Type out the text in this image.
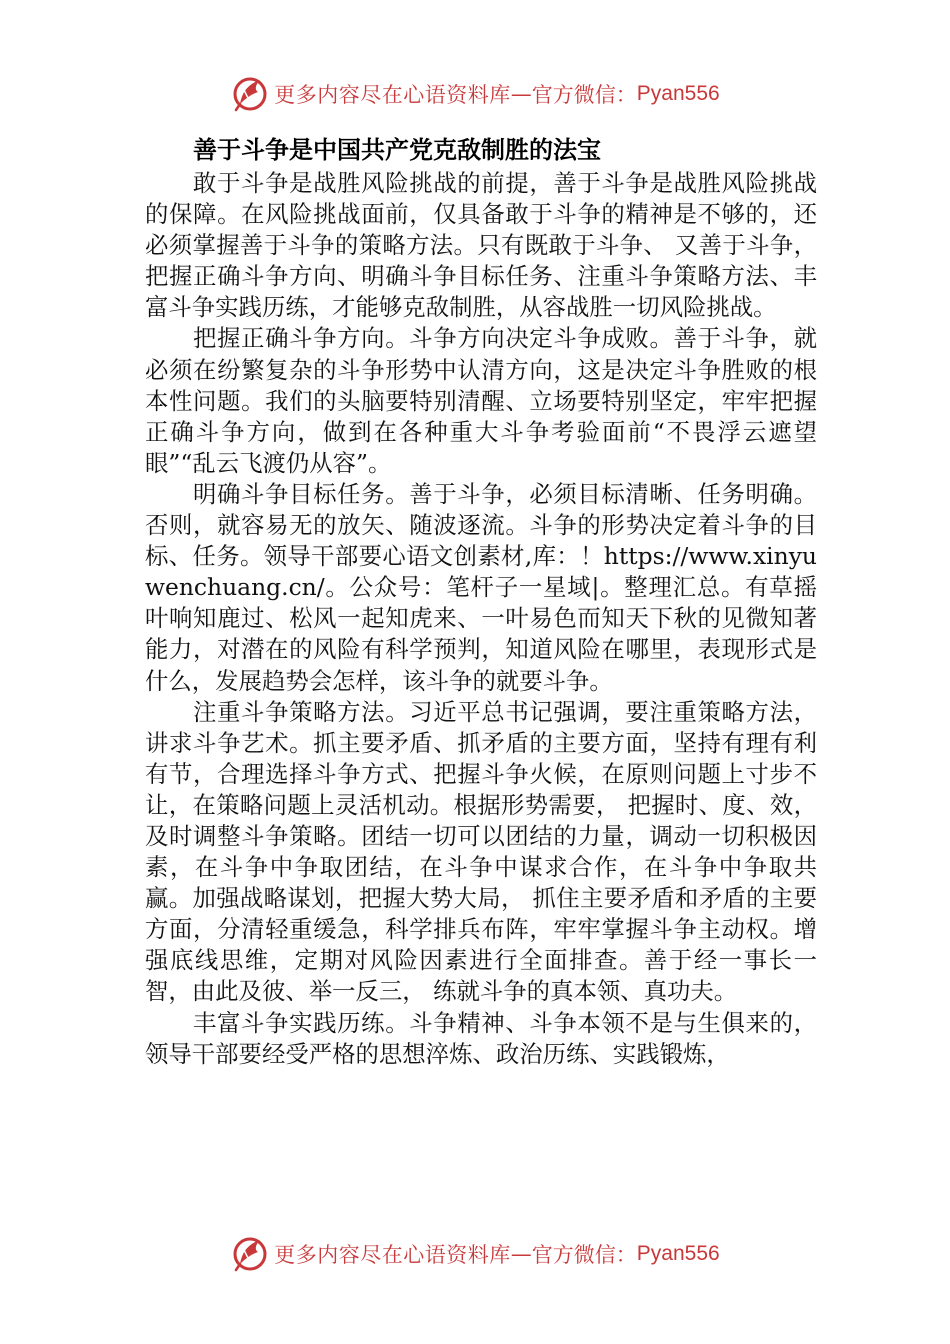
更多内容尽在心语资料库 — 官方微信： Pyan556
善于斗争是中国共产党克敌制胜的法宝

敢于斗争是战胜风险挑战的前提，善于斗争是战胜风险挑战的保障。在风险挑战面前，仅具备敢于斗争的精神是不够的，还必须掌握善于斗争的策略方法。只有既敢于斗争、 又善于斗争，把握正确斗争方向、明确斗争目标任务、注重斗争策略方法、丰富斗争实践历练，才能够克敌制胜，从容战胜一切风险挑战。

把握正确斗争方向。斗争方向决定斗争成败。善于斗争，就必须在纷繁复杂的斗争形势中认清方向，这是决定斗争胜败的根本性问题。我们的头脑要特别清醒、立场要特别坚定，牢牢把握正确斗争方向，做到在各种重大斗争考验面前“不畏浮云遮望眼”“乱云飞渡仍从容”。

明确斗争目标任务。善于斗争，必须目标清晰、任务明确。否则，就容易无的放矢、随波逐流。斗争的形势决定着斗争的目标、任务。领导干部要心语文创素材,库：！https://www.xinyuwenchuang.cn/。公众号：笔杆子一星域|。整理汇总。有草摇叶响知鹿过、松风一起知虎来、一叶易色而知天下秋的见微知著能力，对潜在的风险有科学预判，知道风险在哪里，表现形式是什么，发展趋势会怎样，该斗争的就要斗争。

注重斗争策略方法。习近平总书记强调，要注重策略方法，讲求斗争艺术。抓主要矛盾、抓矛盾的主要方面，坚持有理有利有节，合理选择斗争方式、把握斗争火候，在原则问题上寸步不让，在策略问题上灵活机动。根据形势需要， 把握时、度、效，及时调整斗争策略。团结一切可以团结的力量，调动一切积极因素，在斗争中争取团结，在斗争中谋求合作，在斗争中争取共赢。加强战略谋划，把握大势大局， 抓住主要矛盾和矛盾的主要方面，分清轻重缓急，科学排兵布阵，牢牢掌握斗争主动权。增强底线思维，定期对风险因素进行全面排查。善于经一事长一智，由此及彼、举一反三， 练就斗争的真本领、真功夫。

丰富斗争实践历练。斗争精神、斗争本领不是与生俱来的，领导干部要经受严格的思想淬炼、政治历练、实践锻炼，

更多内容尽在心语资料库 — 官方微信： Pyan556
